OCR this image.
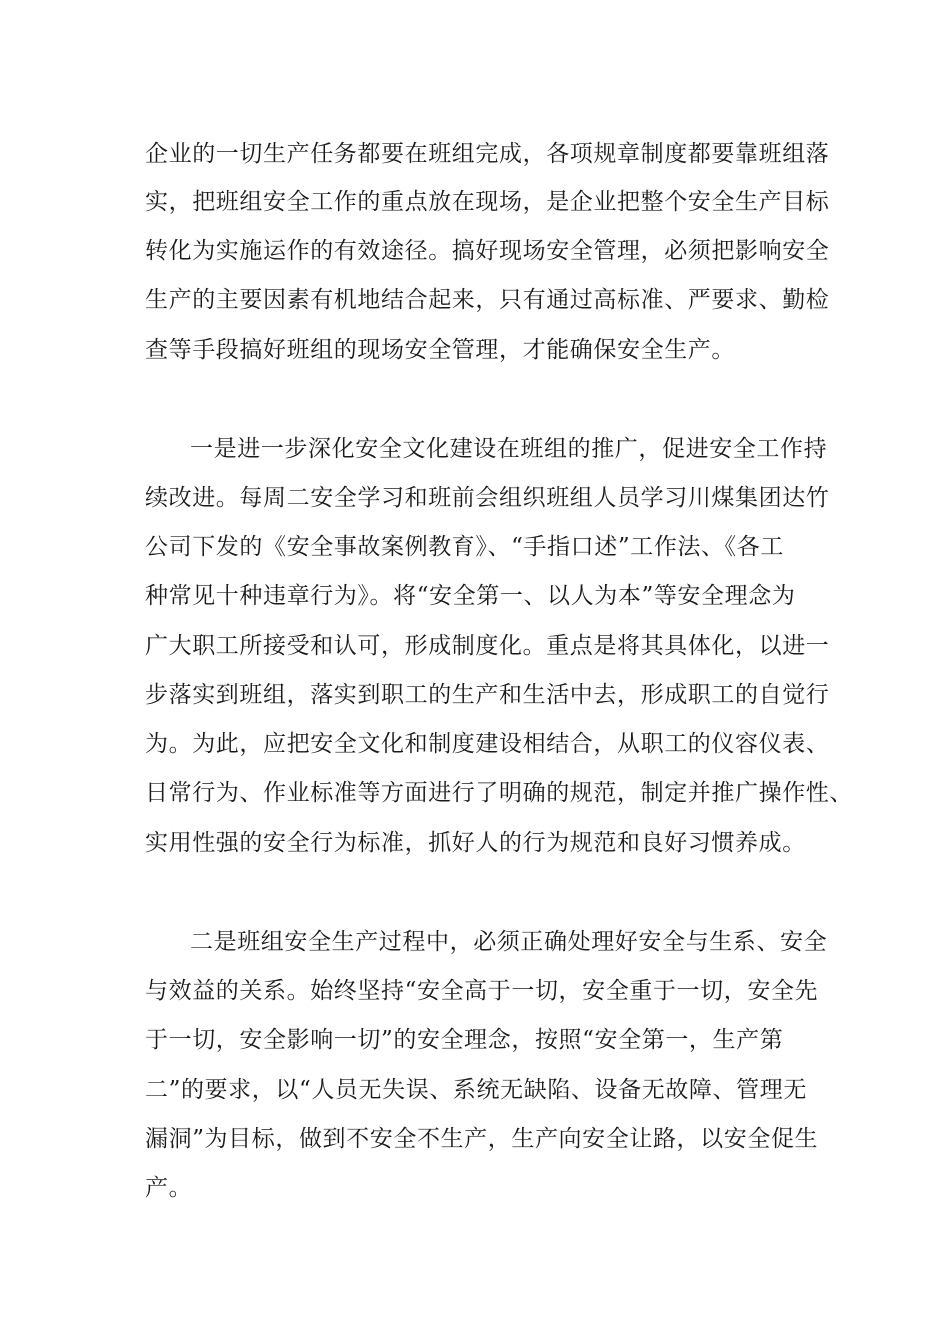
企业的一切生产任务都要在班组完成，各项规章制度都要靠班组落

实，把班组安全工作的重点放在现场，是企业把整个安全生产目标

转化为实施运作的有效途径。搞好现场安全管理，必须把影响安全

生产的主要因素有机地结合起来，只有通过高标准、严要求、勤检

查等手段搞好班组的现场安全管理，才能确保安全生产。

一是进一步深化安全文化建设在班组的推广，促进安全工作持

续改进。每周二安全学习和班前会组织班组人员学习川煤集团达竹

公司下发的《安全事故案例教育》、“手指口述”工作法、《各工

种常见十种违章行为》。将“安全第一、以人为本”等安全理念为

广大职工所接受和认可，形成制度化。重点是将其具体化，以进一

步落实到班组，落实到职工的生产和生活中去，形成职工的自觉行

为。为此，应把安全文化和制度建设相结合，从职工的仪容仪表、

日常行为、作业标准等方面进行了明确的规范，制定并推广操作性、

实用性强的安全行为标准，抓好人的行为规范和良好习惯养成。

二是班组安全生产过程中，必须正确处理好安全与生系、安全

与效益的关系。始终坚持“安全高于一切，安全重于一切，安全先

于一切，安全影响一切”的安全理念，按照“安全第一，生产第

二”的要求，以“人员无失误、系统无缺陷、设备无故障、管理无

漏洞”为目标，做到不安全不生产，生产向安全让路，以安全促生

产。
